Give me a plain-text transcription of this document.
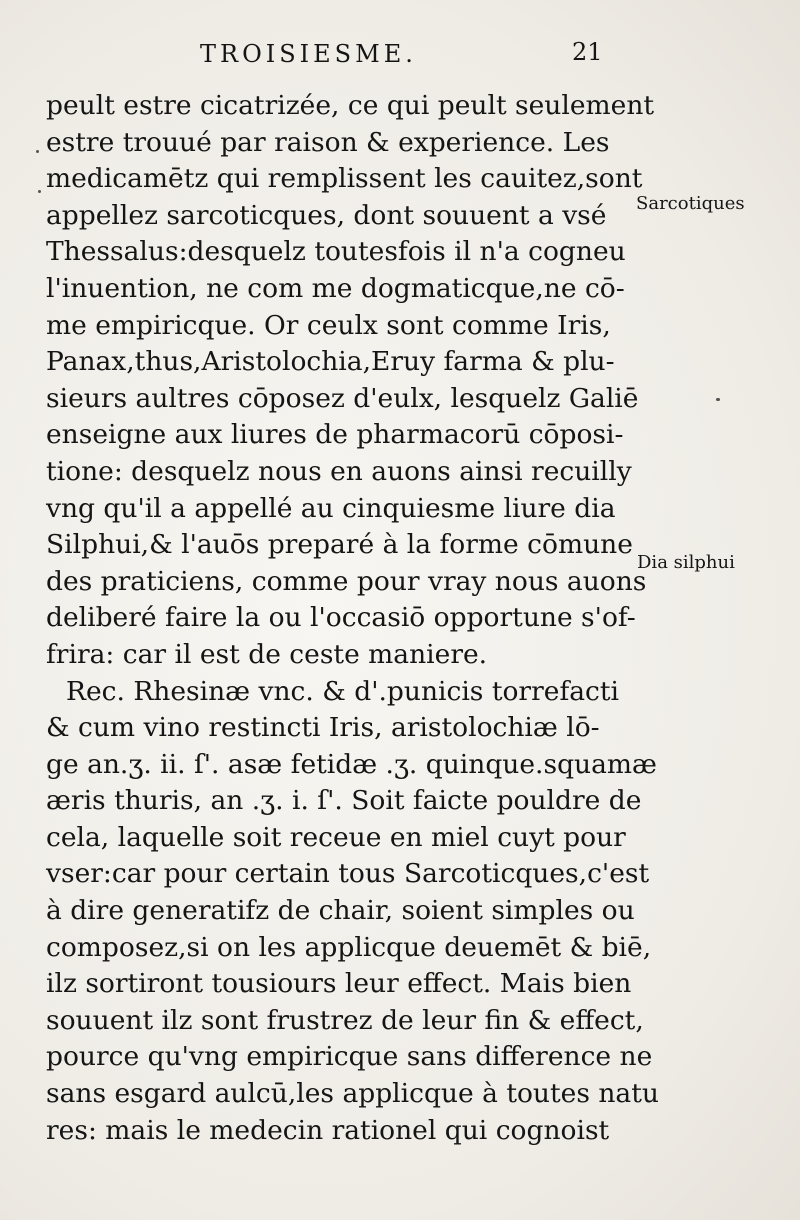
TROISIESME.	21
peult estre cicatrizée, ce qui peult seulement
estre trouué par raison & experience. Les
medicamētz qui remplissent les cauitez,sont
appellez sarcoticques, dont souuent a vsé
Thessalus:desquelz toutesfois il n'a cogneu
l'inuention, ne com me dogmaticque,ne cō-
me empiricque. Or ceulx sont comme Iris,
Panax,thus,Aristolochia,Eruy farma & plu-
sieurs aultres cōposez d'eulx, lesquelz Galiē
enseigne aux liures de pharmacorū cōposi-
tione: desquelz nous en auons ainsi recuilly
vng qu'il a appellé au cinquiesme liure dia
Silphui,& l'auōs preparé à la forme cōmune
des praticiens, comme pour vray nous auons
deliberé faire la ou l'occasiō opportune s'of-
frira: car il est de ceste maniere.
Rec. Rhesinæ vnc. & d'.punicis torrefacti
& cum vino restincti Iris, aristolochiæ lō-
ge an.ʒ. ii. ſ'. asæ fetidæ .ʒ. quinque.squamæ
æris thuris, an .ʒ. i. ſ'. Soit faicte pouldre de
cela, laquelle soit receue en miel cuyt pour
vser:car pour certain tous Sarcoticques,c'est
à dire generatifz de chair, soient simples ou
composez,si on les applicque deuemēt & biē,
ilz sortiront tousiours leur effect. Mais bien
souuent ilz sont frustrez de leur fin & effect,
pource qu'vng empiricque sans difference ne
sans esgard aulcū,les applicque à toutes natu
res: mais le medecin rationel qui cognoist
Sarcotiques
Dia silphui
